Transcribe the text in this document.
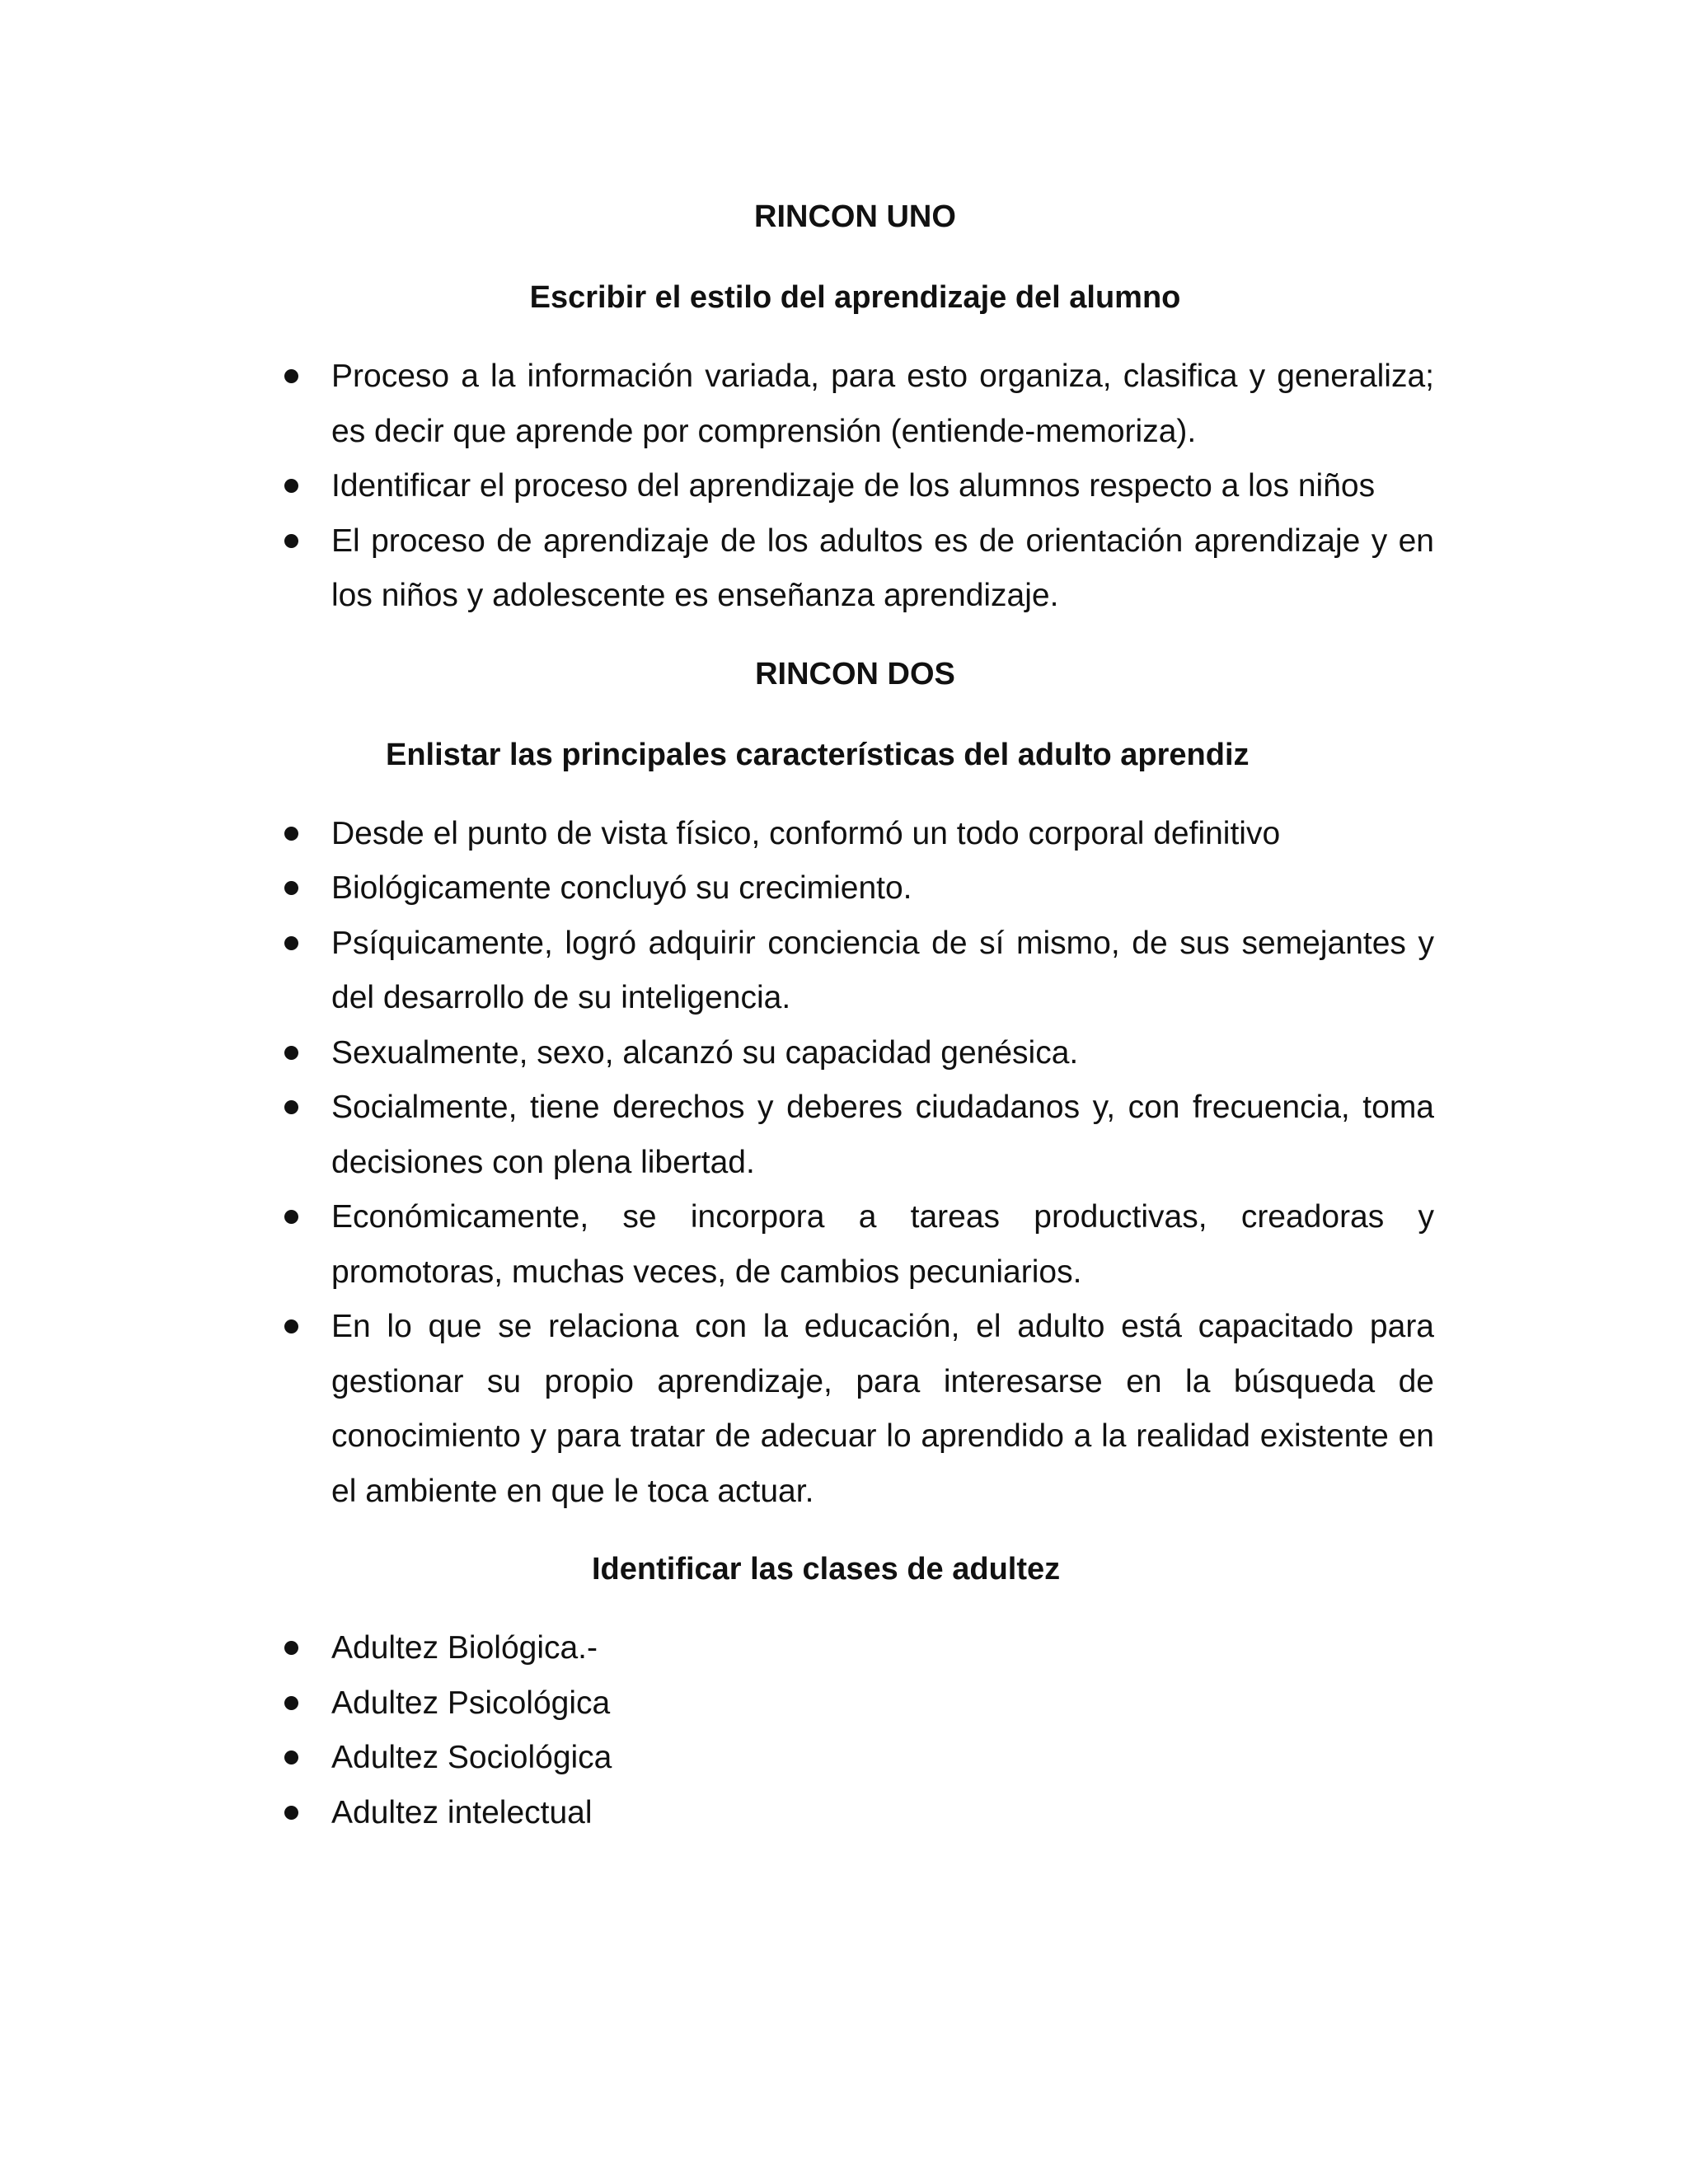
RINCON UNO
Escribir el estilo del aprendizaje del alumno
Proceso a la información variada, para esto organiza, clasifica y generaliza; es decir que aprende por comprensión (entiende-memoriza).
Identificar el proceso del aprendizaje de los alumnos respecto a los niños
El proceso de aprendizaje de los adultos es de orientación aprendizaje y en los niños y adolescente es enseñanza aprendizaje.
RINCON DOS
Enlistar las principales características del adulto aprendiz
Desde el punto de vista físico, conformó un todo corporal definitivo
Biológicamente concluyó su crecimiento.
Psíquicamente, logró adquirir conciencia de sí mismo, de sus semejantes y del desarrollo de su inteligencia.
Sexualmente, sexo, alcanzó su capacidad genésica.
Socialmente, tiene derechos y deberes ciudadanos y, con frecuencia, toma decisiones con plena libertad.
Económicamente, se incorpora a tareas productivas, creadoras y promotoras, muchas veces, de cambios pecuniarios.
En lo que se relaciona con la educación, el adulto está capacitado para gestionar su propio aprendizaje, para interesarse en la búsqueda de conocimiento y para tratar de adecuar lo aprendido a la realidad existente en el ambiente en que le toca actuar.
Identificar las clases de adultez
Adultez Biológica.-
Adultez Psicológica
Adultez Sociológica
Adultez intelectual
